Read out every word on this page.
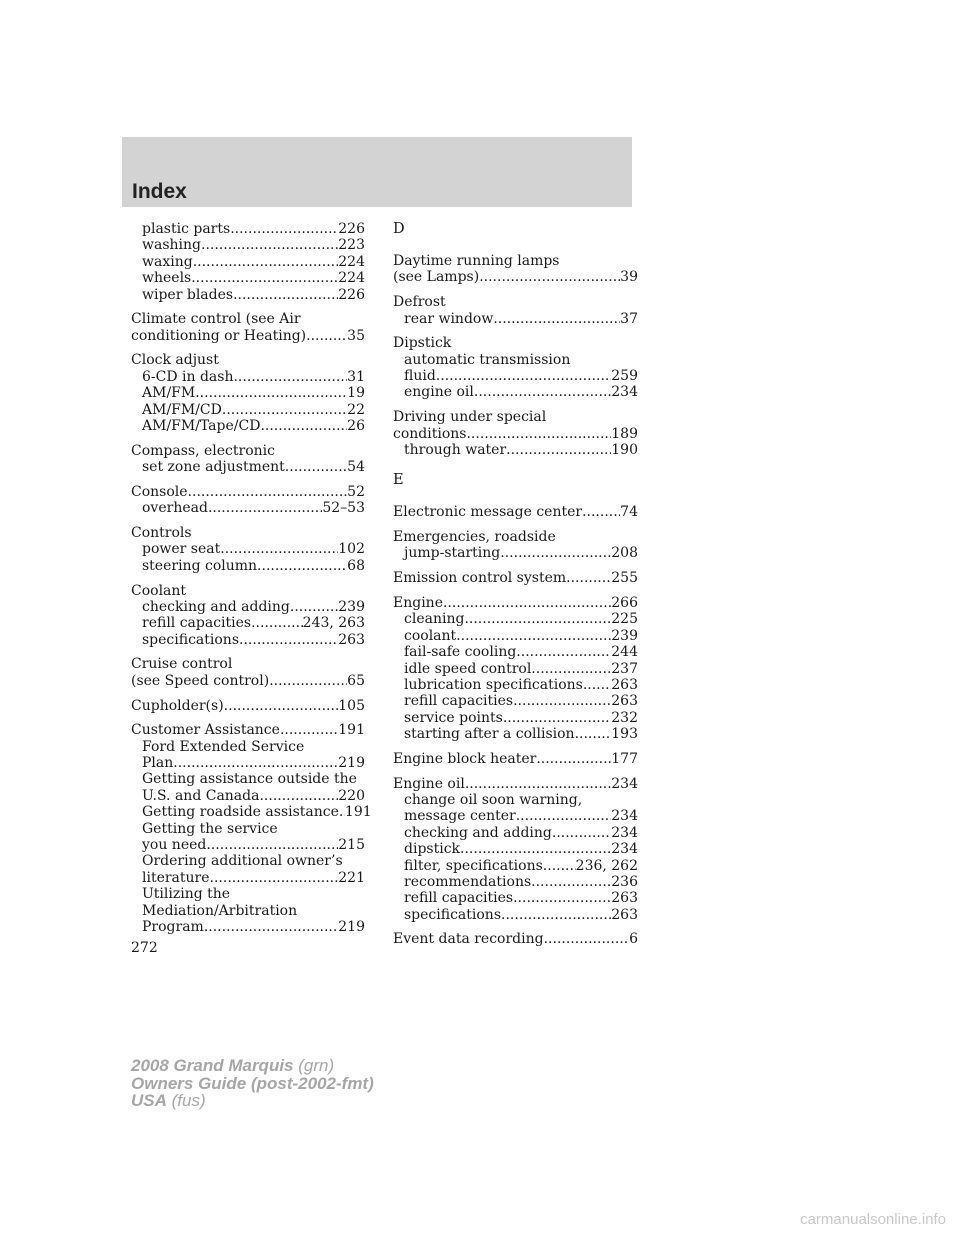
Index
plastic parts .....	226
washing .....	223
waxing .....	224
wheels .....	224
wiper blades .....	226
Climate control (see Air
conditioning or Heating) .....	35
Clock adjust
6-CD in dash .....	31
AM/FM .....	19
AM/FM/CD .....	22
AM/FM/Tape/CD .....	26
Compass, electronic
set zone adjustment .....	54
Console .....	52
overhead .....	52–53
Controls
power seat .....	102
steering column .....	68
Coolant
checking and adding .....	239
refill capacities .....	243, 263
specifications .....	263
Cruise control
(see Speed control) .....	65
Cupholder(s) .....	105
Customer Assistance .....	191
Ford Extended Service
Plan .....	219
Getting assistance outside the
U.S. and Canada .....	220
Getting roadside assistance ..... 191
Getting the service
you need .....	215
Ordering additional owner’s
literature .....	221
Utilizing the
Mediation/Arbitration
Program .....	219
D
Daytime running lamps
(see Lamps) .....	39
Defrost
rear window .....	37
Dipstick
automatic transmission
fluid .....	259
engine oil .....	234
Driving under special
conditions .....	189
through water .....	190
E
Electronic message center .....	74
Emergencies, roadside
jump-starting .....	208
Emission control system .....	255
Engine .....	266
cleaning .....	225
coolant .....	239
fail-safe cooling .....	244
idle speed control .....	237
lubrication specifications ..... 263
refill capacities .....	263
service points .....	232
starting after a collision .....	193
Engine block heater .....	177
Engine oil .....	234
change oil soon warning,
message center .....	234
checking and adding .....	234
dipstick .....	234
filter, specifications ..... 236, 262
recommendations .....	236
refill capacities .....	263
specifications .....	263
Event data recording .....	6
272
2008 Grand Marquis (grn)
Owners Guide (post-2002-fmt)
USA (fus)
carmanualsonline.info
